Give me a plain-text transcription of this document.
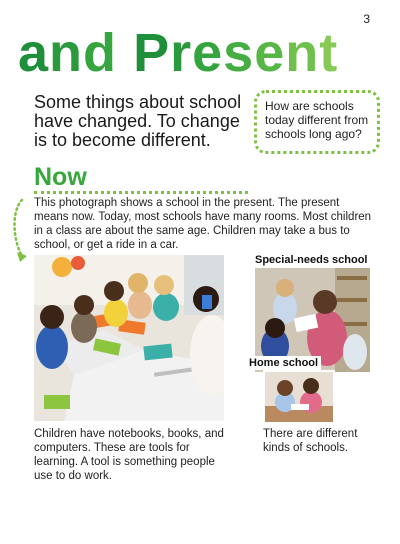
3
and Present

Some things about school have changed. To change is to become different.

How are schools today different from schools long ago?
Now

This photograph shows a school in the present. The present means now. Today, most schools have many rooms. Most children in a class are about the same age. Children may take a bus to school, or get a ride in a car.

Special-needs school
Home school

Children have notebooks, books, and computers. These are tools for learning. A tool is something people use to do work.

There are different kinds of schools.
